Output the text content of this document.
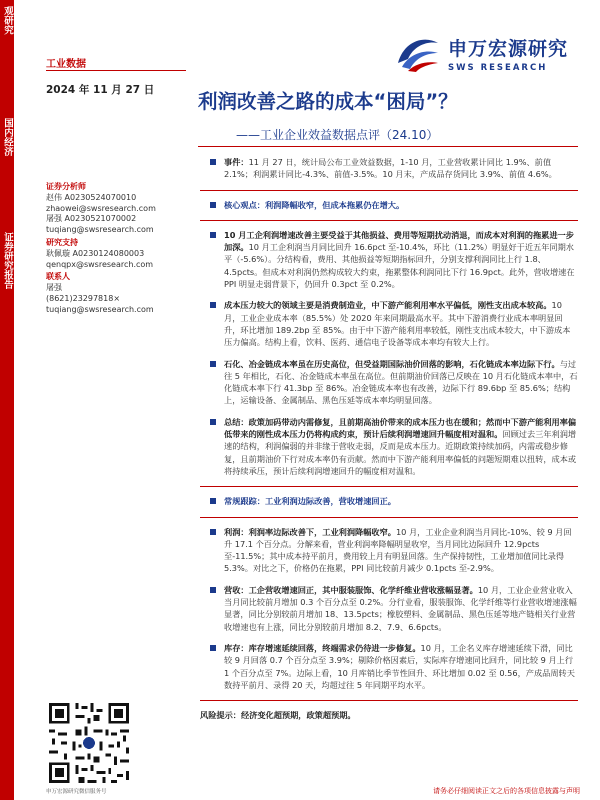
观研究
国内经济
证券研究报告
工业数据
2024 年 11 月 27 日
申万宏源研究
SWS RESEARCH
利润改善之路的成本“困局”？
——工业企业效益数据点评（24.10）
证券分析师
赵伟 A0230524070010
zhaowei@swsresearch.com
屠强 A0230521070002
tuqiang@swsresearch.com
研究支持
耿佩璇 A0230124080003
qenqpx@swsresearch.com
联系人
屠强
(8621)23297818×
tuqiang@swsresearch.com
申万宏源研究微信服务号
事件：11 月 27 日，统计局公布工业效益数据，1-10 月，工业营收累计同比 1.9%、前值 2.1%；利润累计同比-4.3%、前值-3.5%。10 月末，产成品存货同比 3.9%、前值 4.6%。
核心观点：利润降幅收窄，但成本拖累仍在增大。
10 月工企利润增速改善主要受益于其他损益、费用等短期扰动消退，而成本对利润的拖累进一步加深。10 月工企利润当月同比回升 16.6pct 至-10.4%，环比（11.2%）明显好于近五年同期水平（-5.6%）。分结构看，费用、其他损益等短期指标回升，分别支撑利润同比上行 1.8、4.5pcts。但成本对利润仍然构成较大约束，拖累整体利润同比下行 16.9pct。此外，营收增速在 PPI 明显走弱背景下，仍回升 0.3pct 至 0.2%。
成本压力较大的领域主要是消费制造业，中下游产能利用率水平偏低，刚性支出成本较高。10 月，工业企业成本率（85.5%）处 2020 年来同期最高水平。其中下游消费行业成本率明显回升，环比增加 189.2bp 至 85%。由于中下游产能利用率较低，刚性支出成本较大，中下游成本压力偏高。结构上看，饮料、医药、通信电子设备等成本率均有较大上行。
石化、冶金链成本率虽在历史高位，但受益期国际油价回落的影响，石化链成本率边际下行。与过往 5 年相比，石化、冶金链成本率虽在高位。但前期油价回落已反映在 10 月石化链成本率中，石化链成本率下行 41.3bp 至 86%。冶金链成本率也有改善，边际下行 89.6bp 至 85.6%；结构上，运输设备、金属制品、黑色压延等成本率均明显回落。
总结：政策加码带动内需修复，且前期高油价带来的成本压力也在缓和；然而中下游产能利用率偏低带来的刚性成本压力仍将构成约束，预计后续利润增速回升幅度相对温和。回顾过去三年利润增速的结构，利润偏弱的并非缘于营收走弱，反而是成本压力。近期政策持续加码，内需或稳步修复，且前期油价下行对成本率仍有贡献。然而中下游产能利用率偏低的问题短期难以扭转，成本或将持续承压，预计后续利润增速回升的幅度相对温和。
常规跟踪：工业利润边际改善，营收增速回正。
利润：利润率边际改善下，工业利润降幅收窄。10 月，工业企业利润当月同比-10%、较 9 月回升 17.1 个百分点。分解来看，营业利润率降幅明显收窄，当月同比边际回升 12.9pcts 至-11.5%；其中成本持平前月，费用较上月有明显回落。生产保持韧性，工业增加值同比录得 5.3%。对比之下，价格仍在拖累，PPI 同比较前月减少 0.1pcts 至-2.9%。
营收：工企营收增速回正，其中服装服饰、化学纤维业营收涨幅显著。10 月，工业企业营业收入当月同比较前月增加 0.3 个百分点至 0.2%。分行业看，服装服饰、化学纤维等行业营收增速涨幅显著，同比分别较前月增加 18、13.5pcts；橡胶塑料、金属制品、黑色压延等地产链相关行业营收增速也有上涨，同比分别较前月增加 8.2、7.9、6.6pcts。
库存：库存增速延续回落，终端需求仍待进一步修复。10 月，工企名义库存增速延续下滑，同比较 9 月回落 0.7 个百分点至 3.9%；剔除价格因素后，实际库存增速同比回升，同比较 9 月上行 1 个百分点至 7%。边际上看，10 月库销比季节性回升、环比增加 0.02 至 0.56，产成品周转天数持平前月、录得 20 天，均超过往 5 年同期平均水平。
风险提示：经济变化超预期，政策超预期。
请务必仔细阅读正文之后的各项信息披露与声明
